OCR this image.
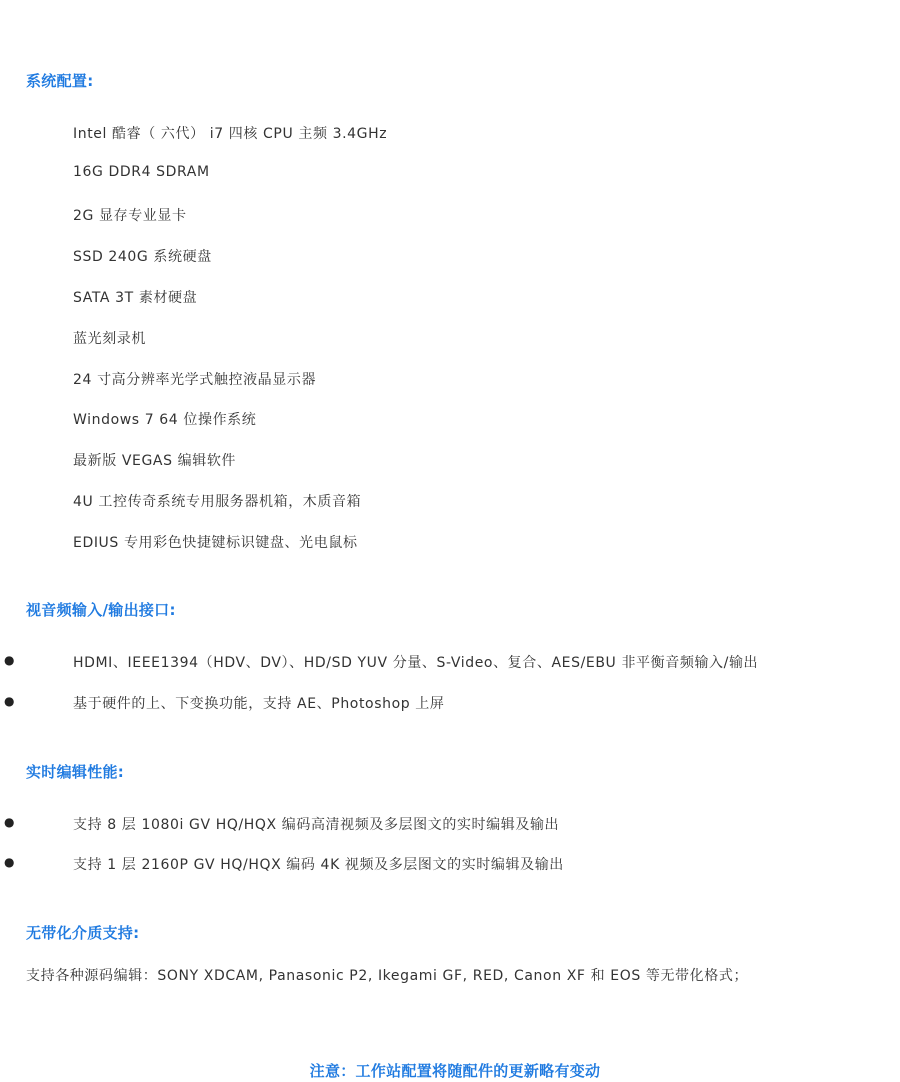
系统配置:
Intel 酷睿（ 六代） i7 四核 CPU 主频 3.4GHz
16G DDR4 SDRAM
2G 显存专业显卡
SSD 240G 系统硬盘
SATA 3T 素材硬盘
蓝光刻录机
24 寸高分辨率光学式触控液晶显示器
Windows 7 64 位操作系统
最新版 VEGAS 编辑软件
4U 工控传奇系统专用服务器机箱，木质音箱
EDIUS 专用彩色快捷键标识键盘、光电鼠标
视音频输入/输出接口:
●	HDMI、IEEE1394（HDV、DV）、HD/SD YUV 分量、S-Video、复合、AES/EBU 非平衡音频输入/输出
●	基于硬件的上、下变换功能，支持 AE、Photoshop 上屏
实时编辑性能:
●	支持 8 层 1080i GV HQ/HQX 编码高清视频及多层图文的实时编辑及输出
●	支持 1 层 2160P GV HQ/HQX 编码 4K 视频及多层图文的实时编辑及输出
无带化介质支持:
支持各种源码编辑：SONY XDCAM, Panasonic P2, Ikegami GF, RED, Canon XF 和 EOS 等无带化格式；
注意：工作站配置将随配件的更新略有变动
